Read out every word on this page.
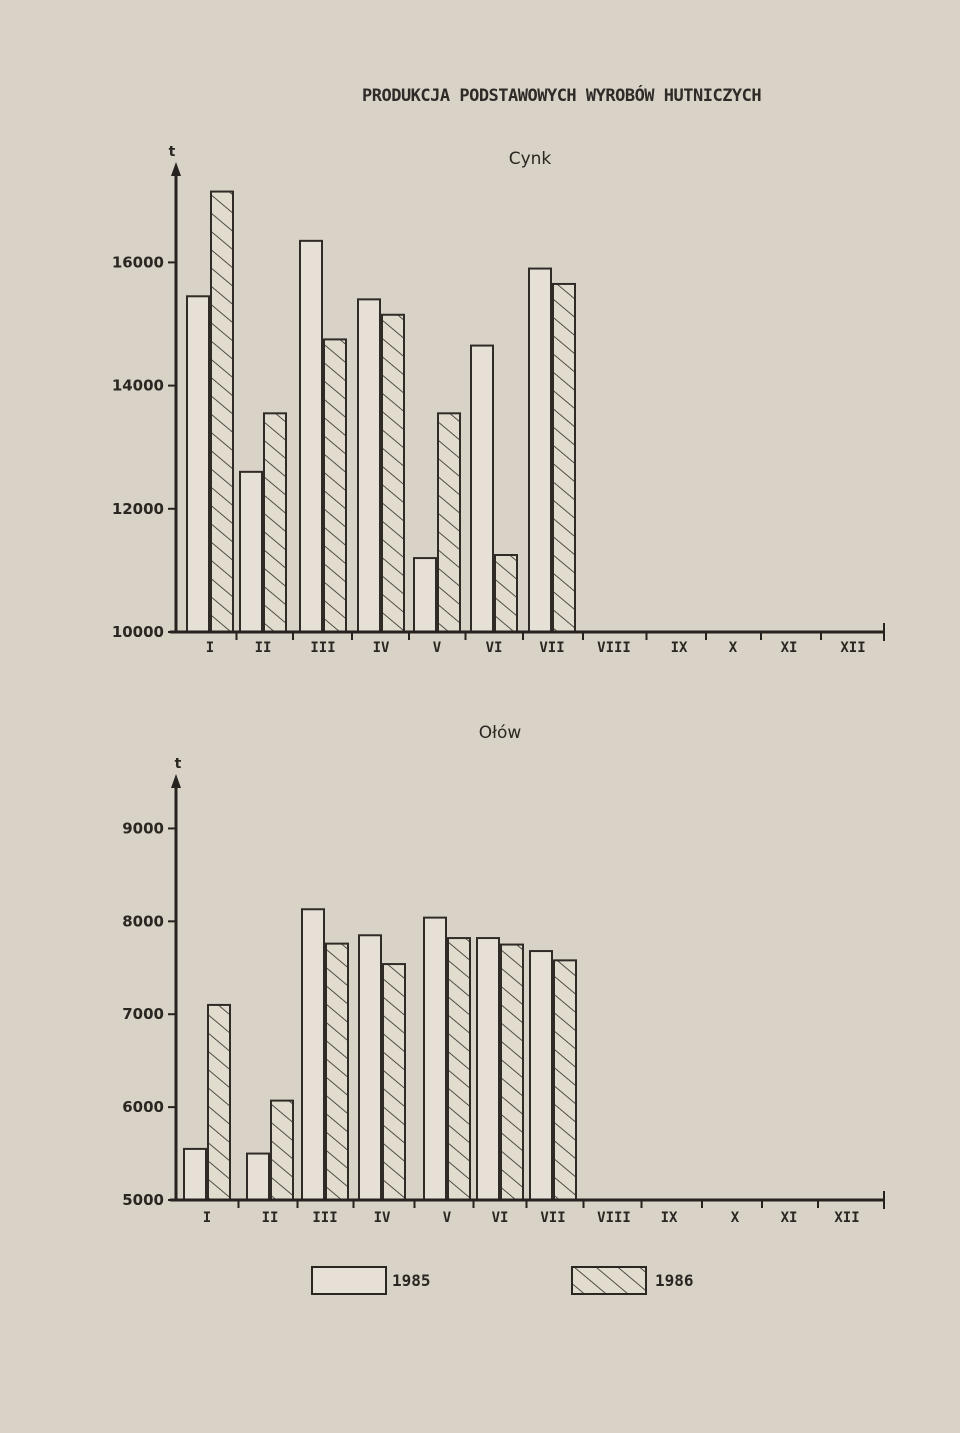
PRODUKCJA PODSTAWOWYCH WYROBÓW HUTNICZYCH
Cynk
t
10000
12000
14000
16000
I	II	III	IV	V	VI	VII VIII	IX	X	XI	XII
Ołów
t
5000
6000
7000
8000
9000
I	II III	IV	V	VI VII VIII IX	X	XI	XII
1985	1986
